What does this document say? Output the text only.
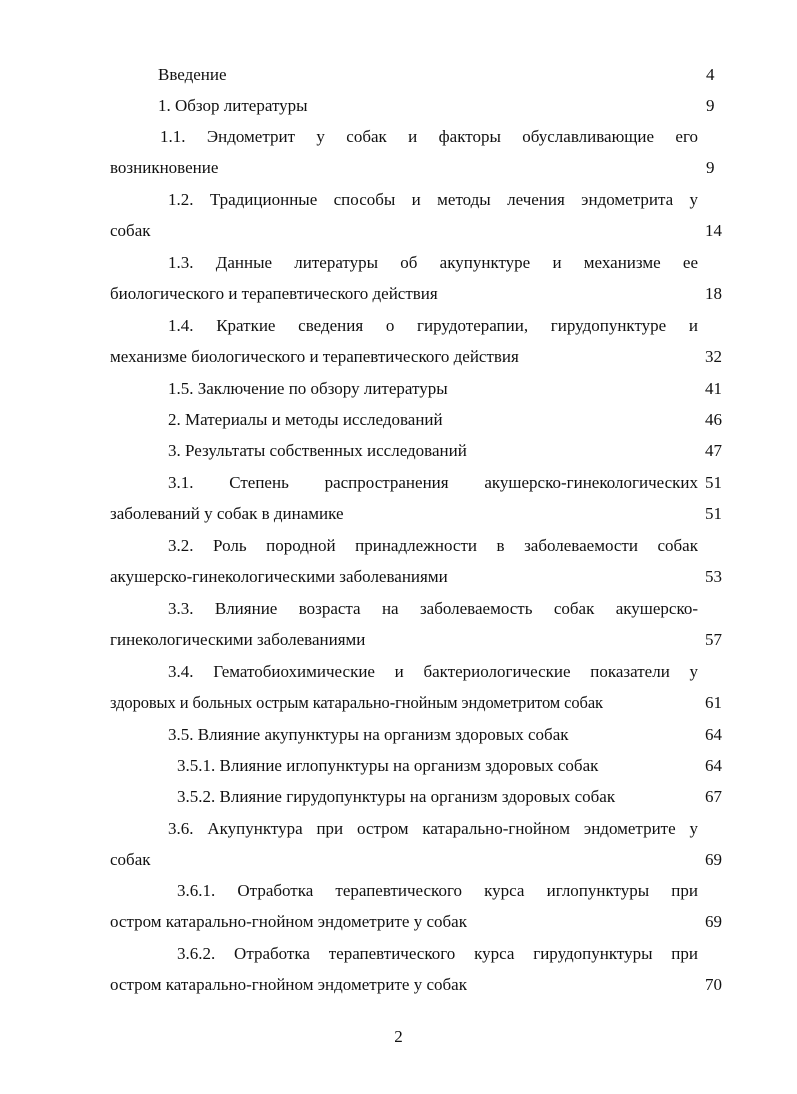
Введение	4
1. Обзор литературы	9
1.1. Эндометрит у собак и факторы обуславливающие его
возникновение	9
1.2. Традиционные способы и методы лечения эндометрита у
собак	14
1.3. Данные литературы об акупунктуре и механизме ее
биологического и терапевтического действия	18
1.4. Краткие сведения о гирудотерапии, гирудопунктуре и
механизме биологического и терапевтического действия	32
1.5. Заключение по обзору литературы	41
2. Материалы и методы исследований	46
3. Результаты собственных исследований	47
3.1. Степень распространения акушерско-гинекологических 51
заболеваний у собак в динамике	51
3.2. Роль породной принадлежности в заболеваемости собак
акушерско-гинекологическими заболеваниями	53
3.3. Влияние возраста на заболеваемость собак акушерско-
гинекологическими заболеваниями	57
3.4. Гематобиохимические и бактериологические показатели у
здоровых и больных острым катарально-гнойным эндометритом собак	61
3.5. Влияние акупунктуры на организм здоровых собак	64
3.5.1. Влияние иглопунктуры на организм здоровых собак	64
3.5.2. Влияние гирудопунктуры на организм здоровых собак	67
3.6. Акупунктура при остром катарально-гнойном эндометрите у
собак	69
3.6.1. Отработка терапевтического курса иглопунктуры при
остром катарально-гнойном эндометрите у собак	69
3.6.2. Отработка терапевтического курса гирудопунктуры при
остром катарально-гнойном эндометрите у собак	70
2
